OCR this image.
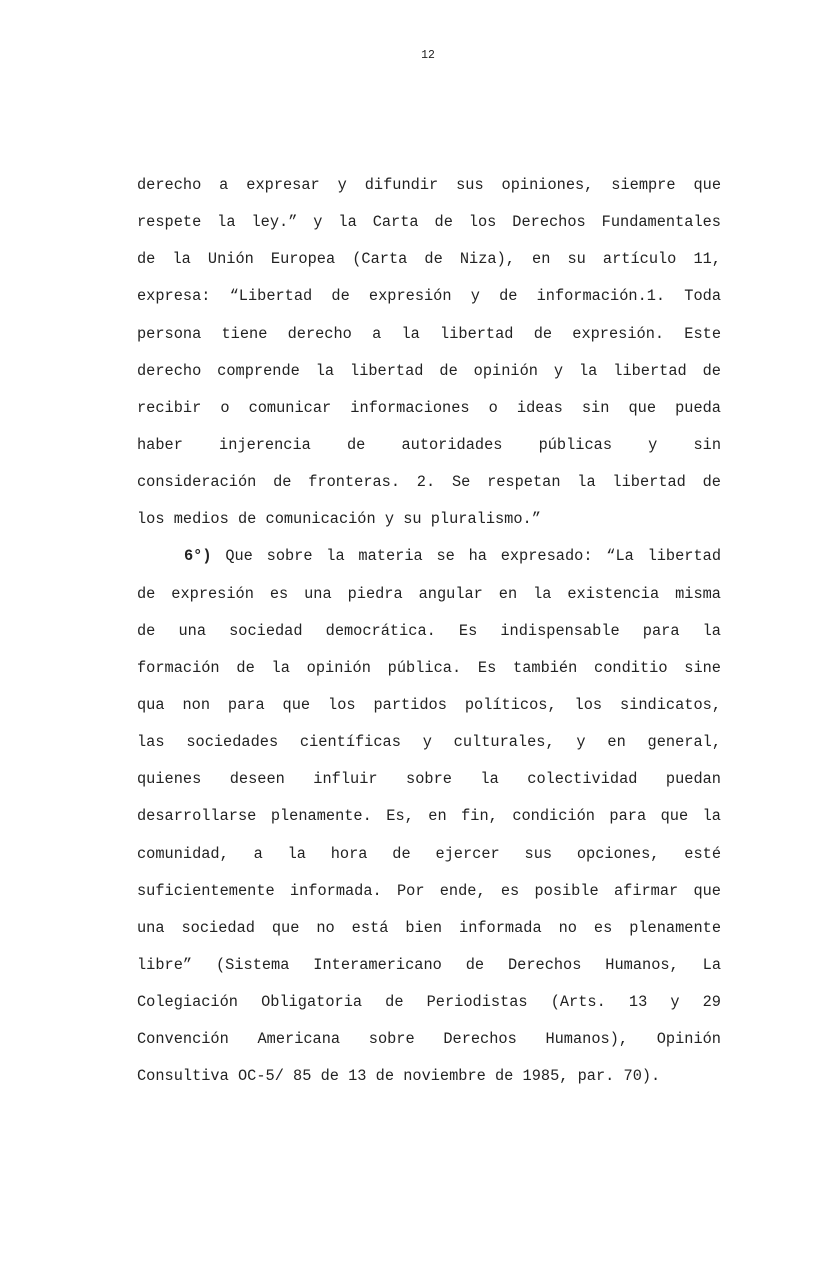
12
derecho a expresar y difundir sus opiniones, siempre que
respete la ley.” y la Carta de los Derechos Fundamentales
de la Unión Europea (Carta de Niza), en su artículo 11,
expresa: “Libertad de expresión y de información.1. Toda
persona tiene derecho a la libertad de expresión. Este
derecho comprende la libertad de opinión y la libertad de
recibir o comunicar informaciones o ideas sin que pueda
haber injerencia de autoridades públicas y sin
consideración de fronteras. 2. Se respetan la libertad de
los medios de comunicación y su pluralismo.”
6°) Que sobre la materia se ha expresado: “La libertad
de expresión es una piedra angular en la existencia misma
de una sociedad democrática. Es indispensable para la
formación de la opinión pública. Es también conditio sine
qua non para que los partidos políticos, los sindicatos,
las sociedades científicas y culturales, y en general,
quienes deseen influir sobre la colectividad puedan
desarrollarse plenamente. Es, en fin, condición para que la
comunidad, a la hora de ejercer sus opciones, esté
suficientemente informada. Por ende, es posible afirmar que
una sociedad que no está bien informada no es plenamente
libre” (Sistema Interamericano de Derechos Humanos, La
Colegiación Obligatoria de Periodistas (Arts. 13 y 29
Convención Americana sobre Derechos Humanos), Opinión
Consultiva OC-5/ 85 de 13 de noviembre de 1985, par. 70).
